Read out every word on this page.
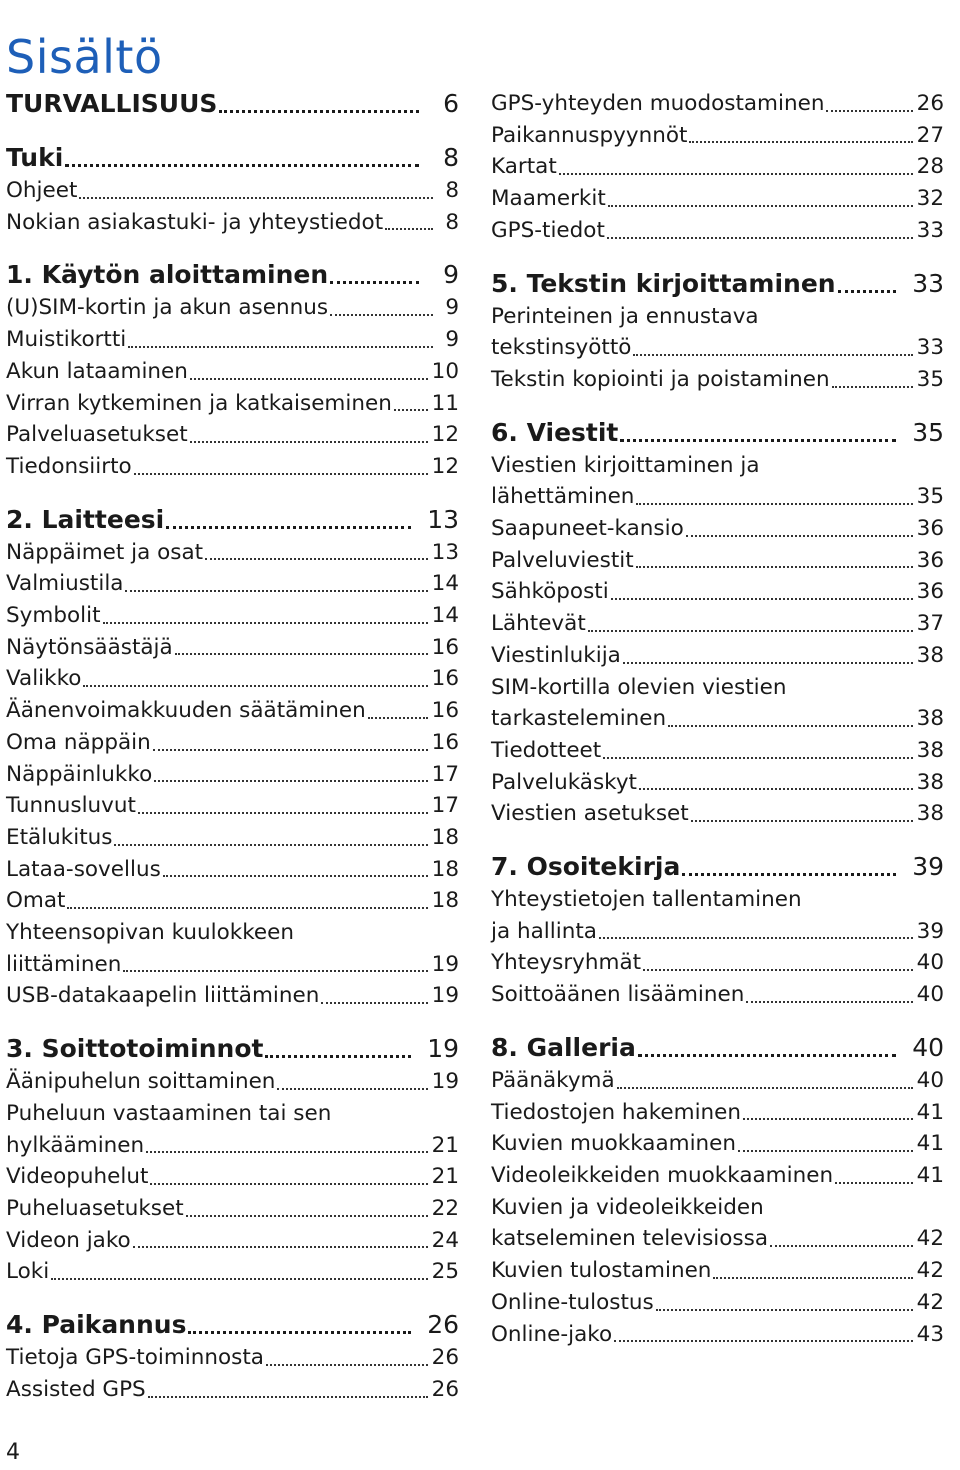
Sisältö
TURVALLISUUS	6
Tuki	8
Ohjeet	8
Nokian asiakastuki- ja yhteystiedot	8
1. Käytön aloittaminen	9
(U)SIM-kortin ja akun asennus	9
Muistikortti	9
Akun lataaminen	10
Virran kytkeminen ja katkaiseminen 11
Palveluasetukset	12
Tiedonsiirto	12
2. Laitteesi	13
Näppäimet ja osat	13
Valmiustila	14
Symbolit	14
Näytönsäästäjä	16
Valikko	16
Äänenvoimakkuuden säätäminen	16
Oma näppäin	16
Näppäinlukko	17
Tunnusluvut	17
Etälukitus	18
Lataa-sovellus	18
Omat	18
Yhteensopivan kuulokkeen
liittäminen	19
USB-datakaapelin liittäminen	19
3. Soittotoiminnot	19
Äänipuhelun soittaminen	19
Puheluun vastaaminen tai sen
hylkääminen	21
Videopuhelut	21
Puheluasetukset	22
Videon jako	24
Loki	25
4. Paikannus	26
Tietoja GPS-toiminnosta	26
Assisted GPS	26
GPS-yhteyden muodostaminen	26
Paikannuspyynnöt	27
Kartat	28
Maamerkit	32
GPS-tiedot	33
5. Tekstin kirjoittaminen	33
Perinteinen ja ennustava
tekstinsyöttö	33
Tekstin kopiointi ja poistaminen	35
6. Viestit	35
Viestien kirjoittaminen ja
lähettäminen	35
Saapuneet-kansio	36
Palveluviestit	36
Sähköposti	36
Lähtevät	37
Viestinlukija	38
SIM-kortilla olevien viestien
tarkasteleminen	38
Tiedotteet	38
Palvelukäskyt	38
Viestien asetukset	38
7. Osoitekirja	39
Yhteystietojen tallentaminen
ja hallinta	39
Yhteysryhmät	40
Soittoäänen lisääminen	40
8. Galleria	40
Päänäkymä	40
Tiedostojen hakeminen	41
Kuvien muokkaaminen	41
Videoleikkeiden muokkaaminen	41
Kuvien ja videoleikkeiden
katseleminen televisiossa	42
Kuvien tulostaminen	42
Online-tulostus	42
Online-jako	43
4
